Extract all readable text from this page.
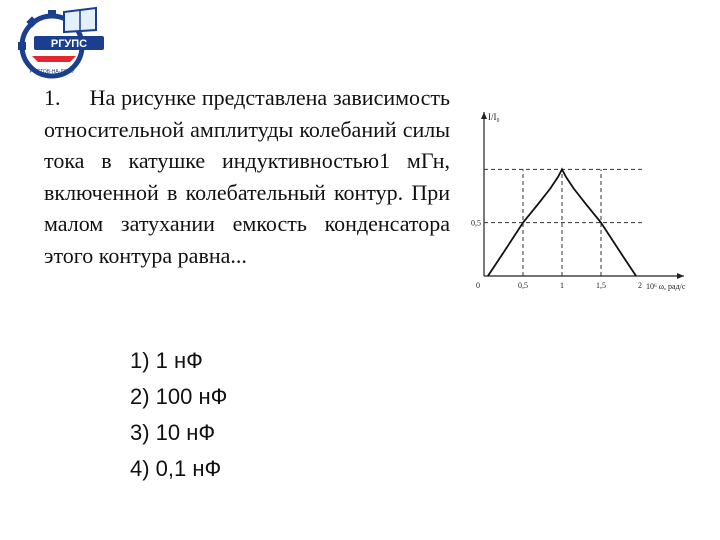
РГУПС
РОСТОВ-НА-ДОНУ

1. На рисунке представлена зависимость относительной амплитуды колебаний силы тока в катушке индуктивностью1 мГн, включенной в колебательный контур. При малом затухании емкость конденсатора этого контура равна...

1) 1 нФ
2) 100 нФ
3) 10 нФ
4) 0,1 нФ
0	0,5	1	1,5	2
0,5
I/I₀
10⁶ ω, рад/с
